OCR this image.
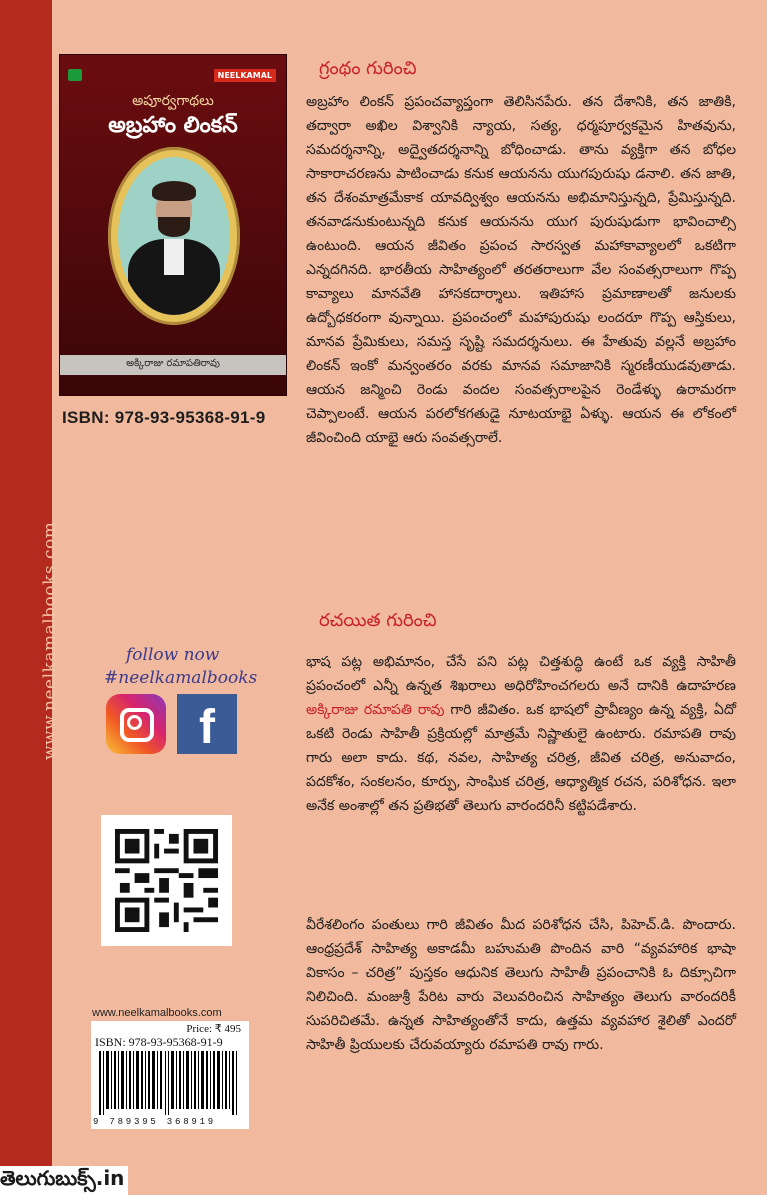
www.neelkamalbooks.com
NEELKAMAL
అపూర్వగాథలు
అబ్రహాం లింకన్
అక్కిరాజు రమాపతిరావు
ISBN: 978-93-95368-91-9
follow now
#neelkamalbooks
f
www.neelkamalbooks.com
Price: ₹ 495
ISBN: 978-93-95368-91-9
9 789395 368919
గ్రంథం గురించి
అబ్రహాం లింకన్ ప్రపంచవ్యాప్తంగా తెలిసినపేరు. తన దేశానికి, తన జాతికి, తద్వారా అఖిల విశ్వానికి న్యాయ, సత్య, ధర్మపూర్వకమైన హితవును, సమదర్శనాన్ని, అద్వైతదర్శనాన్ని బోధించాడు. తాను వ్యక్తిగా తన బోధల సాకారాచరణను పాటించాడు కనుక ఆయనను యుగపురుషు డనాలి. తన జాతి, తన దేశంమాత్రమేకాక యావద్విశ్వం ఆయనను అభిమానిస్తున్నది, ప్రేమిస్తున్నది. తనవాడనుకుంటున్నది కనుక ఆయనను యుగ పురుషుడుగా భావించాల్సి ఉంటుంది. ఆయన జీవితం ప్రపంచ సారస్వత మహాకావ్యాలలో ఒకటిగా ఎన్నదగినది. భారతీయ సాహిత్యంలో తరతరాలుగా వేల సంవత్సరాలుగా గొప్ప కావ్యాలు మానవేతి హాసకదార్శాలు. ఇతిహాస ప్రమాణాలతో జనులకు ఉద్బోధకరంగా వున్నాయి. ప్రపంచంలో మహాపురుషు లందరూ గొప్ప ఆస్తికులు, మానవ ప్రేమికులు, సమస్త సృష్టి సమదర్శనులు. ఈ హేతువు వల్లనే అబ్రహాం లింకన్ ఇంకో మన్వంతరం వరకు మానవ సమాజానికి స్మరణీయుడవుతాడు. ఆయన జన్మించి రెండు వందల సంవత్సరాలపైన రెండేళ్ళు ఉరామరగా చెప్పాలంటే. ఆయన పరలోకగతుడై నూటయాభై ఏళ్ళు. ఆయన ఈ లోకంలో జీవించింది యాభై ఆరు సంవత్సరాలే.
రచయిత గురించి
భాష పట్ల అభిమానం, చేసే పని పట్ల చిత్తశుద్ధి ఉంటే ఒక వ్యక్తి సాహితీ ప్రపంచంలో ఎన్నీ ఉన్నత శిఖరాలు అధిరోహించగలరు అనే దానికి ఉదాహరణ అక్కిరాజు రమాపతి రావు గారి జీవితం. ఒక భాషలో ప్రావీణ్యం ఉన్న వ్యక్తి, ఏదో ఒకటి రెండు సాహితీ ప్రక్రియల్లో మాత్రమే నిష్ణాతులై ఉంటారు. రమాపతి రావు గారు అలా కాదు. కథ, నవల, సాహిత్య చరిత్ర, జీవిత చరిత్ర, అనువాదం, పదకోశం, సంకలనం, కూర్పు, సాంఘిక చరిత్ర, ఆధ్యాత్మిక రచన, పరిశోధన. ఇలా అనేక అంశాల్లో తన ప్రతిభతో తెలుగు వారందరినీ కట్టిపడేశారు.
వీరేశలింగం పంతులు గారి జీవితం మీద పరిశోధన చేసి, పిహెచ్.డి. పొందారు. ఆంధ్రప్రదేశ్ సాహిత్య అకాడమీ బహుమతి పొందిన వారి “వ్యవహారిక భాషా వికాసం – చరిత్ర” పుస్తకం ఆధునిక తెలుగు సాహితీ ప్రపంచానికి ఓ దిక్సూచిగా నిలిచింది. మంజుశ్రీ పేరిట వారు వెలువరించిన సాహిత్యం తెలుగు వారందరికీ సుపరిచితమే. ఉన్నత సాహిత్యంతోనే కాదు, ఉత్తమ వ్యవహార శైలితో ఎందరో సాహితీ ప్రియులకు చేరువయ్యారు రమాపతి రావు గారు.
తెలుగుబుక్స్.in
